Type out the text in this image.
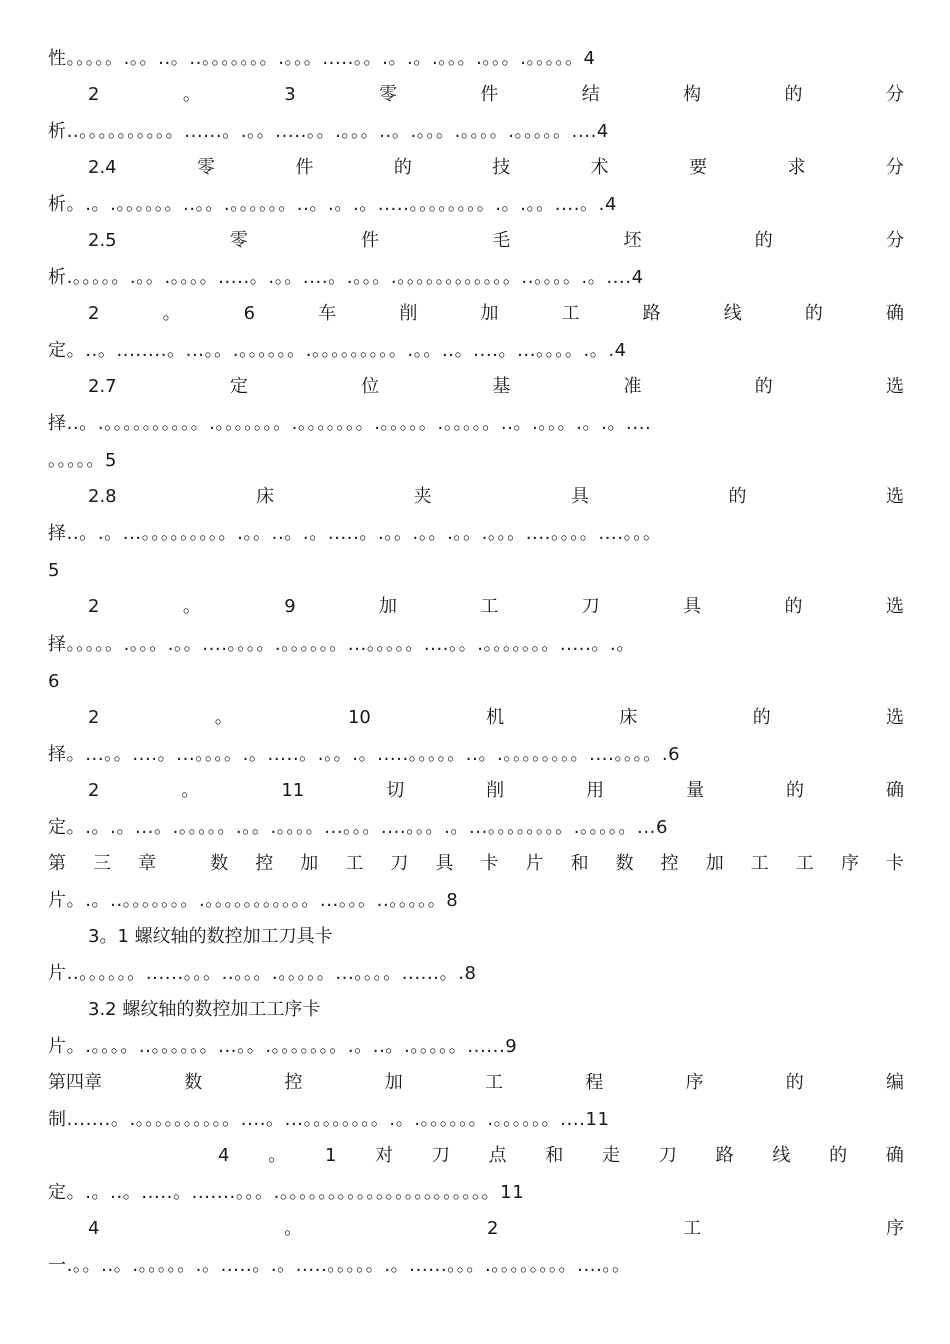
性。。。。。.。。..。..。。。。。。。.。。。.....。。.。.。.。。。.。。。.。。。。。4
2	。	3	零	件	结	构	的	分
析..。。。。。。。。。。......。.。。.....。。.。。。..。.。。。.。。。。.。。。。。....4
2.4	零	件	的	技	术	要	求	分
析。.。.。。。。。。..。。.。。。。。。..。.。.。.....。。。。。。。。.。.。。....。.4
2.5	零	件	毛	坯	的	分
析.。。。。。.。。.。。。。.....。.。。....。.。。。.。。。。。。。。。。。。..。。。。.。....4
2	。	6	车	削	加	工	路	线	的	确
定。..。........。...。。.。。。。。。.。。。。。。。。。.。。..。....。...。。。。.。.4
2.7	定	位	基	准	的	选
择..。.。。。。。。。。。。.。。。。。。。.。。。。。。。.。。。。。.。。。。。..。.。。。.。.。....
。。。。。5
2.8	床	夹	具	的	选
择..。.。...。。。。。。。。。.。。..。.。.....。.。。.。。.。。.。。。....。。。。....。。。
5
2	。	9	加	工	刀	具	的	选
择。。。。。.。。。.。。....。。。。.。。。。。。...。。。。。....。。.。。。。。。。.....。.。
6
2	。	10	机	床	的	选
择。...。。....。...。。。。.。.....。.。。.。.....。。。。。..。.。。。。。。。。....。。。。.6
2	。	11	切	削	用	量	的	确
定。.。.。...。.。。。。。.。。.。。。。...。。。....。。。.。...。。。。。。。。.。。。。。...6
第 三 章	数 控 加 工 刀 具 卡 片 和 数 控 加 工 工 序 卡
片。.。..。。。。。。。.。。。。。。。。。。。...。。。..。。。。。8
3。1 螺纹轴的数控加工刀具卡
片..。。。。。。......。。。..。。。.。。。。。...。。。。......。.8
3.2 螺纹轴的数控加工工序卡
片。.。。。。..。。。。。。...。。.。。。。。。。.。..。.。。。。。......9
第四章	数	控	加	工	程	序	的	编
制.......。.。。。。。。。。。。....。...。。。。。。。。.。.。。。。。。.。。。。。。....11
4 。 1 对 刀 点 和 走 刀 路 线 的 确
定。.。..。.....。.......。。。.。。。。。。。。。。。。。。。。。。。。。。11
4	。	2	工	序
一.。。..。.。。。。。.。.....。.。.....。。。。。.。......。。。.。。。。。。。。....。。
